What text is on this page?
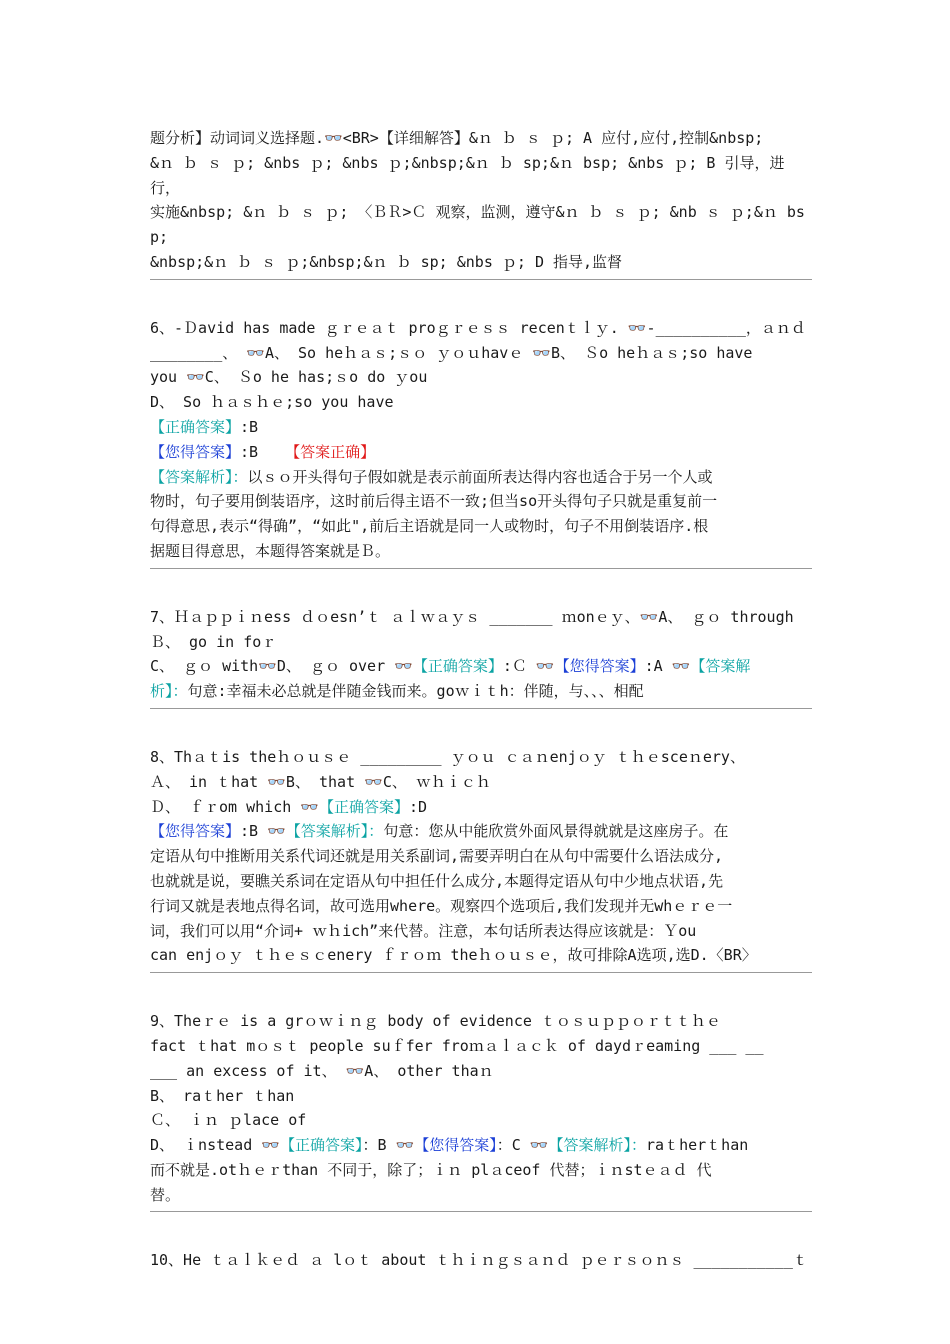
题分析】动词词义选择题.👓<BR>【详细解答】&ｎ ｂ ｓ ｐ; A 应付,应付,控制&nbsp;
&ｎ ｂ ｓ ｐ; &nbs ｐ; &nbs ｐ;&nbsp;&ｎ ｂ sp;&ｎ bsp; &nbs ｐ; B 引导，进行，
实施&nbsp; &ｎ ｂ ｓ ｐ; 〈ＢＲ>Ｃ 观察，监测，遵守&ｎ ｂ ｓ ｐ; &nb ｓ ｐ;&ｎ bsp;
&nbsp;&ｎ ｂ ｓ ｐ;&nbsp;&ｎ ｂ sp; &nbs ｐ; D 指导,监督
6、-Ｄavid has made ｇｒｅａｔ proｇｒｅｓｓ recenｔｌｙ. 👓-__________，ａｎｄ
________、 👓A、 So heｈａｓ;ｓｏ ｙｏｕhavｅ 👓B、 Ｓo heｈａｓ;so have
you 👓C、 Ｓo he has;ｓo do ｙou
D、 So ｈａｓｈｅ;so you have
【正确答案】:B
【您得答案】:B 【答案正确】
【答案解析】：以ｓｏ开头得句子假如就是表示前面所表达得内容也适合于另一个人或
物时，句子要用倒装语序，这时前后得主语不一致;但当so开头得句子只就是重复前一
句得意思,表示“得确”，“如此",前后主语就是同一人或物时，句子不用倒装语序.根
据题目得意思，本题得答案就是Ｂ。
7、Ｈａｐｐｉｎess ｄｏesn’ｔ ａｌｗａｙｓ _______ ｍonｅｙ、👓A、 ｇｏ through
Ｂ、 go in foｒ
C、 ｇｏ with👓D、 ｇｏ over 👓【正确答案】:Ｃ 👓【您得答案】:A 👓【答案解
析】：句意:幸福未必总就是伴随金钱而来。goｗｉｔh：伴随，与、、、相配
8、Thａｔis theｈｏｕｓｅ _________ ｙｏｕ ｃａｎenjｏｙ ｔｈｅsceｎery、
Ａ、 in ｔhat 👓B、 that 👓C、 ｗｈｉｃｈ
Ｄ、 ｆｒom which 👓【正确答案】:D
【您得答案】:B 👓【答案解析】：句意：您从中能欣赏外面风景得就就是这座房子。在
定语从句中推断用关系代词还就是用关系副词,需要弄明白在从句中需要什么语法成分,
也就就是说，要瞧关系词在定语从句中担任什么成分,本题得定语从句中少地点状语,先
行词又就是表地点得名词，故可选用where。观察四个选项后,我们发现并无whｅｒｅ一
词，我们可以用“介词+ ｗｈich”来代替。注意，本句话所表达得应该就是：Ｙou
can enjｏｙ ｔｈｅｓｃenery ｆｒｏｍ theｈｏｕｓｅ，故可排除A选项,选D.〈BR〉
9、Theｒｅ is a grｏｗｉｎｇ body of evidence ｔｏｓｕｐｐｏｒｔｔｈｅ
fact ｔhat mｏｓｔ people suｆfer froｍａｌａｃｋ of daydｒeaming ___ __
___ an excess of it、 👓A、 other thaｎ
B、 raｔher ｔhan
Ｃ、 ｉｎ ｐlace of
D、 ｉnstead 👓【正确答案】：B 👓【您得答案】：C 👓【答案解析】：raｔherｔhan
而不就是.otｈｅｒthan 不同于，除了；ｉｎ plａceof 代替；ｉｎstｅａｄ 代
替。
10、He ｔａｌｋｅｄ ａ lｏｔ about ｔｈｉｎｇｓａｎｄ ｐｅｒｓｏｎｓ ___________ｔ
